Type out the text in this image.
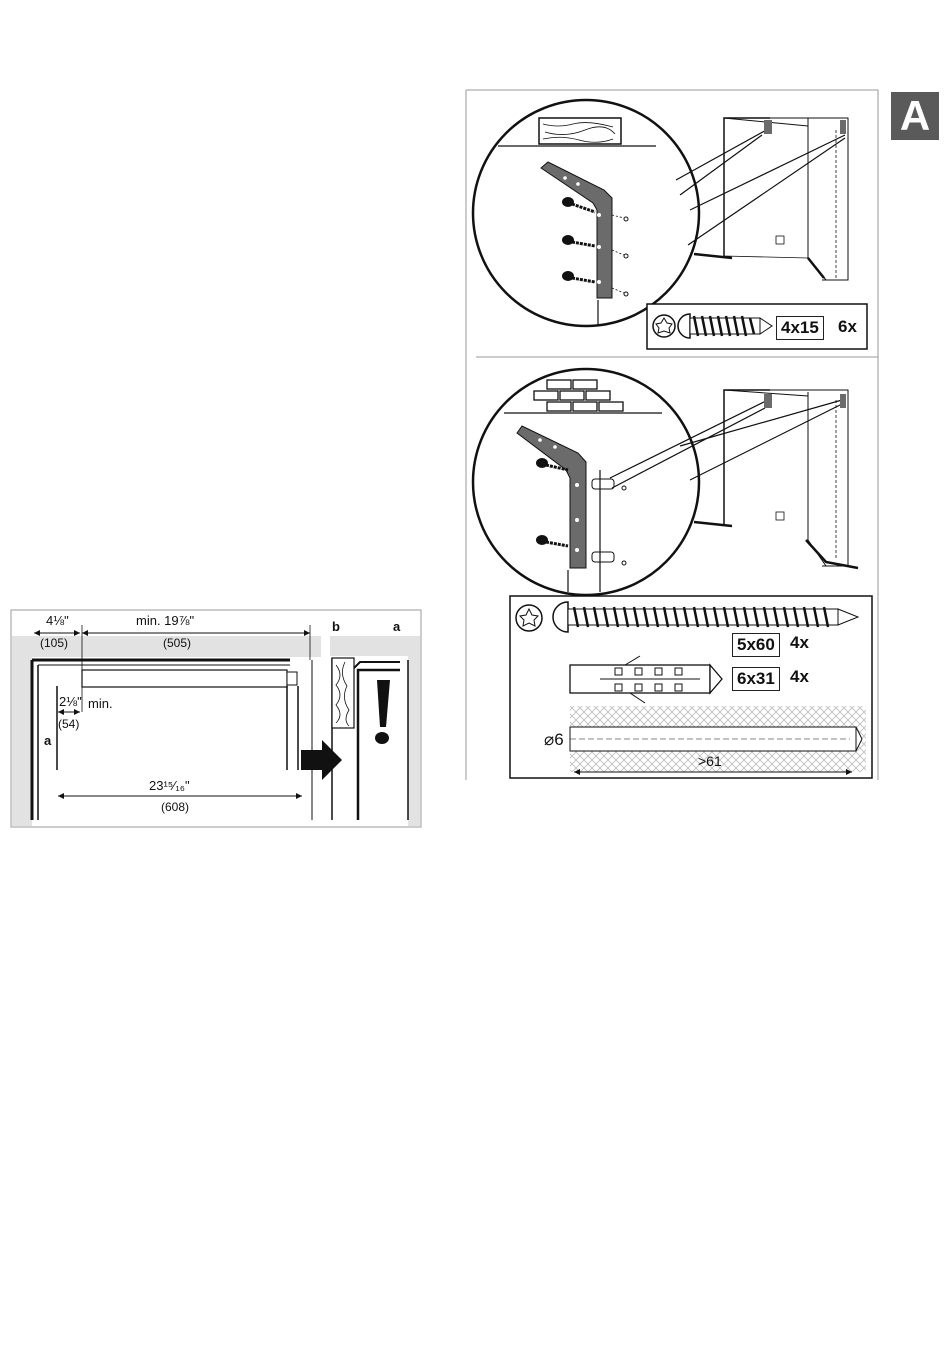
A
4⅛"
(105)
min. 19⅞"
(505)
2⅛" min.
(54)
23¹⁵⁄₁₆"
(608)
a
b	a
4x15 6x
5x60 4x
6x31 4x
⌀6
>61
